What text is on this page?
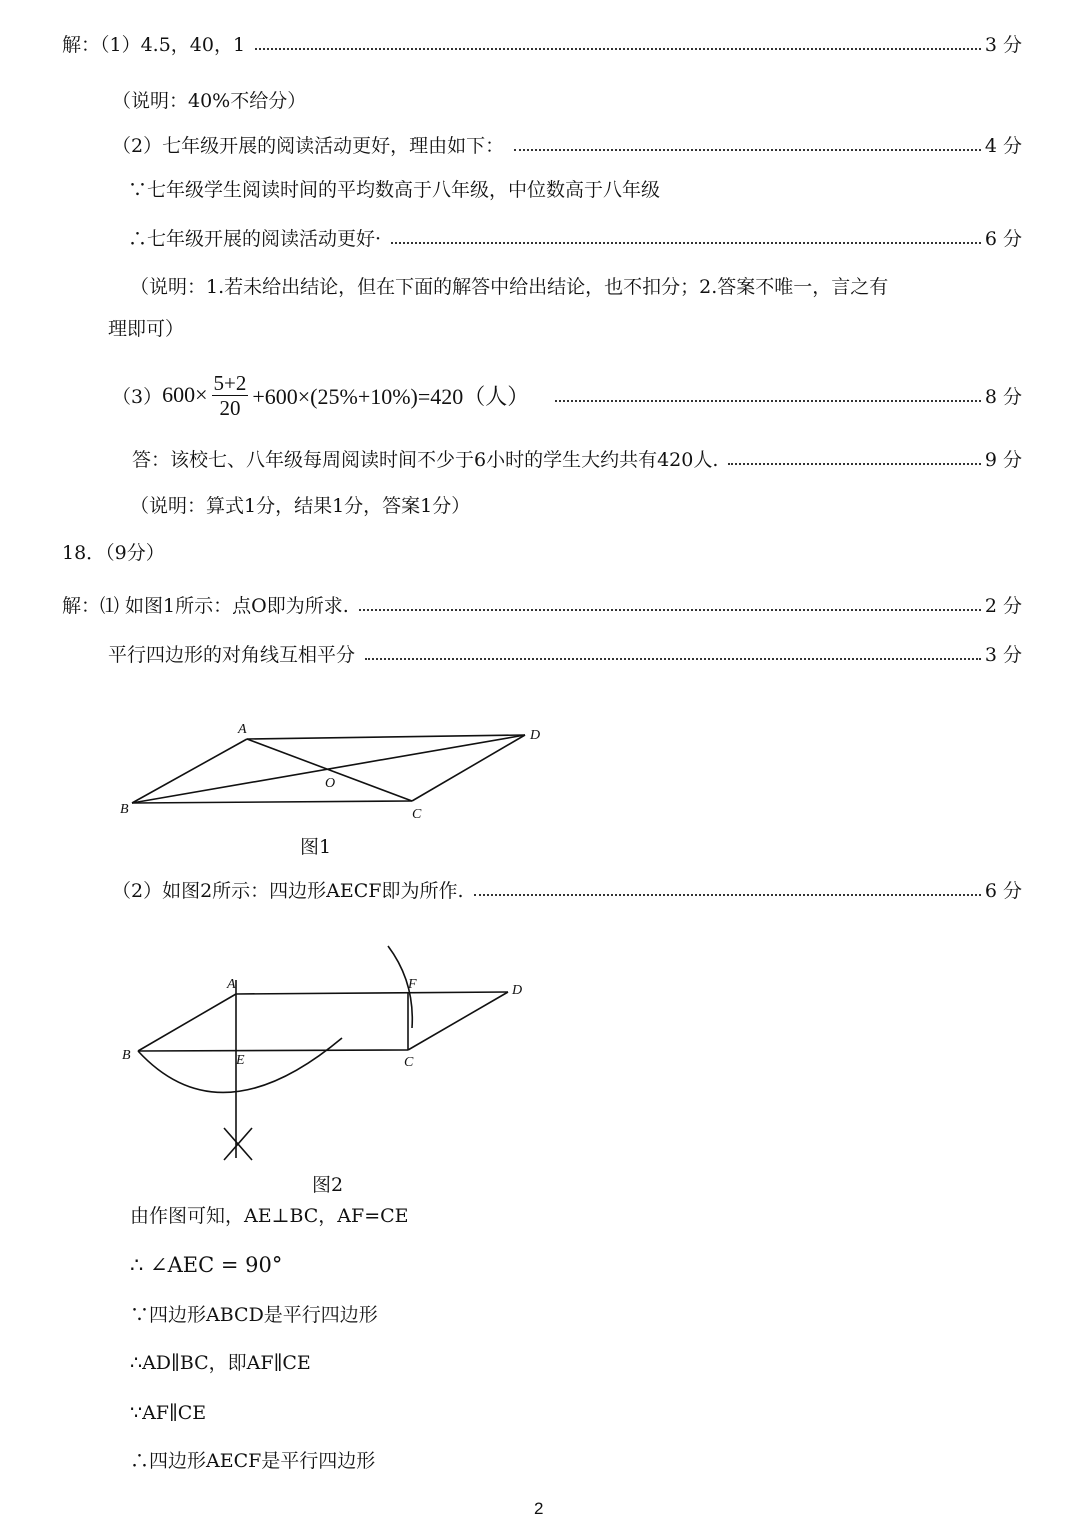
解：（1）4.5，40，1	3 分
（说明：40%不给分）
（2）七年级开展的阅读活动更好，理由如下：	4 分
∵七年级学生阅读时间的平均数高于八年级，中位数高于八年级
∴七年级开展的阅读活动更好·	6 分
（说明：1.若未给出结论，但在下面的解答中给出结论，也不扣分；2.答案不唯一，言之有
理即可）
（3） $600\times \frac{5+2}{20} +600\times(25\%+10\%)=420$（人）	8 分
答：该校七、八年级每周阅读时间不少于6小时的学生大约共有420人.	9 分
（说明：算式1分，结果1分，答案1分）
18．（9分）
解：⑴ 如图1所示：点O即为所求.	2 分
平行四边形的对角线互相平分	3 分
A	D
O
B	C
图1
（2）如图2所示：四边形AECF即为所作.	6 分
A	F	D
B	E	C
图2
由作图可知，AE⊥BC，AF=CE
∴ ∠AEC = 90°
∵四边形ABCD是平行四边形
∴AD∥BC，即AF∥CE
∵AF∥CE
∴四边形AECF是平行四边形
2
